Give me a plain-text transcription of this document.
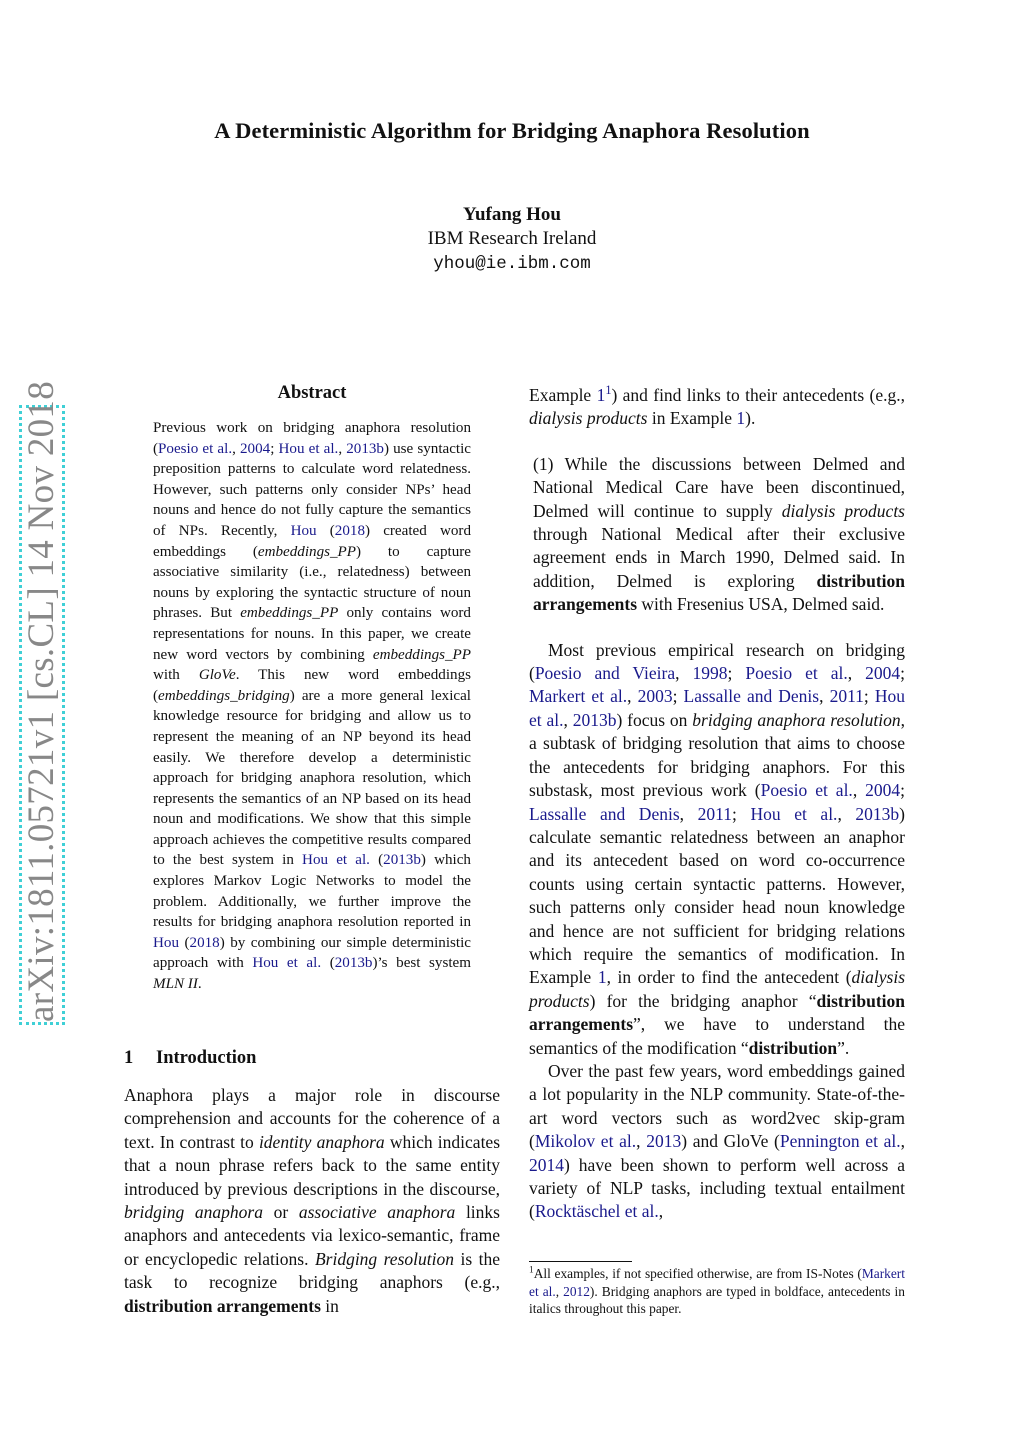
A Deterministic Algorithm for Bridging Anaphora Resolution
Yufang Hou
IBM Research Ireland
yhou@ie.ibm.com
arXiv:1811.05721v1 [cs.CL] 14 Nov 2018	Abstract
Previous work on bridging anaphora resolution (Poesio et al., 2004; Hou et al., 2013b) use syntactic preposition patterns to calculate word relatedness. However, such patterns only consider NPs’ head nouns and hence do not fully capture the semantics of NPs. Recently, Hou (2018) created word embeddings (embeddings_PP) to capture associative similarity (i.e., relatedness) between nouns by exploring the syntactic structure of noun phrases. But embeddings_PP only contains word representations for nouns. In this paper, we create new word vectors by combining embeddings_PP with GloVe. This new word embeddings (embeddings_bridging) are a more general lexical knowledge resource for bridging and allow us to represent the meaning of an NP beyond its head easily. We therefore develop a deterministic approach for bridging anaphora resolution, which represents the semantics of an NP based on its head noun and modifications. We show that this simple approach achieves the competitive results compared to the best system in Hou et al. (2013b) which explores Markov Logic Networks to model the problem. Additionally, we further improve the results for bridging anaphora resolution reported in Hou (2018) by combining our simple deterministic approach with Hou et al. (2013b)’s best system MLN II.
1 Introduction
Anaphora plays a major role in discourse comprehension and accounts for the coherence of a text. In contrast to identity anaphora which indicates that a noun phrase refers back to the same entity introduced by previous descriptions in the discourse, bridging anaphora or associative anaphora links anaphors and antecedents via lexico-semantic, frame or encyclopedic relations. Bridging resolution is the task to recognize bridging anaphors (e.g., distribution arrangements in

Example $1^1$) and find links to their antecedents (e.g., dialysis products in Example 1).

(1) While the discussions between Delmed and National Medical Care have been discontinued, Delmed will continue to supply dialysis products through National Medical after their exclusive agreement ends in March 1990, Delmed said. In addition, Delmed is exploring distribution arrangements with Fresenius USA, Delmed said.

Most previous empirical research on bridging (Poesio and Vieira, 1998; Poesio et al., 2004; Markert et al., 2003; Lassalle and Denis, 2011; Hou et al., 2013b) focus on bridging anaphora resolution, a subtask of bridging resolution that aims to choose the antecedents for bridging anaphors. For this substask, most previous work (Poesio et al., 2004; Lassalle and Denis, 2011; Hou et al., 2013b) calculate semantic relatedness between an anaphor and its antecedent based on word co-occurrence counts using certain syntactic patterns. However, such patterns only consider head noun knowledge and hence are not sufficient for bridging relations which require the semantics of modification. In Example 1, in order to find the antecedent (dialysis products) for the bridging anaphor “distribution arrangements”, we have to understand the semantics of the modification “distribution”.

Over the past few years, word embeddings gained a lot popularity in the NLP community. State-of-the-art word vectors such as word2vec skip-gram (Mikolov et al., 2013) and GloVe (Pennington et al., 2014) have been shown to perform well across a variety of NLP tasks, including textual entailment (Rocktäschel et al.,

$^1$All examples, if not specified otherwise, are from IS-Notes (Markert et al., 2012). Bridging anaphors are typed in boldface, antecedents in italics throughout this paper.
